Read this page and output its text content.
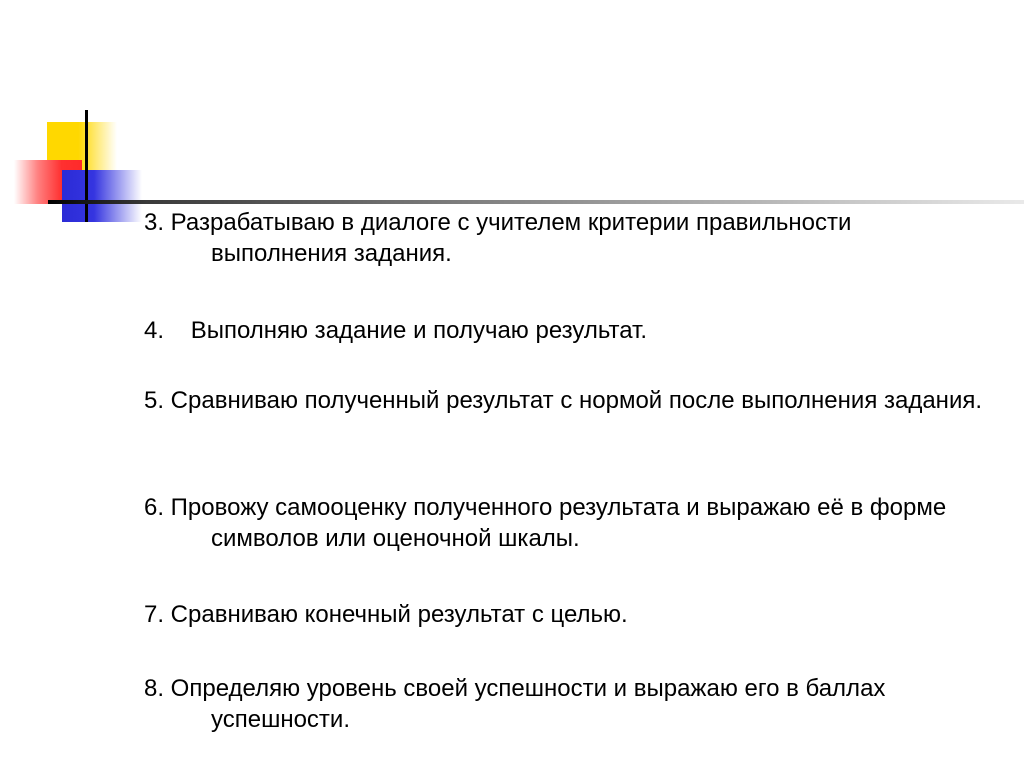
3. Разрабатываю в диалоге с учителем критерии правильности выполнения задания.
4.    Выполняю задание и получаю результат.
5. Сравниваю полученный результат с нормой после выполнения задания.
6. Провожу самооценку полученного результата и выражаю её в форме символов или оценочной шкалы.
7. Сравниваю конечный результат с целью.
8. Определяю уровень своей успешности и выражаю его в баллах успешности.
